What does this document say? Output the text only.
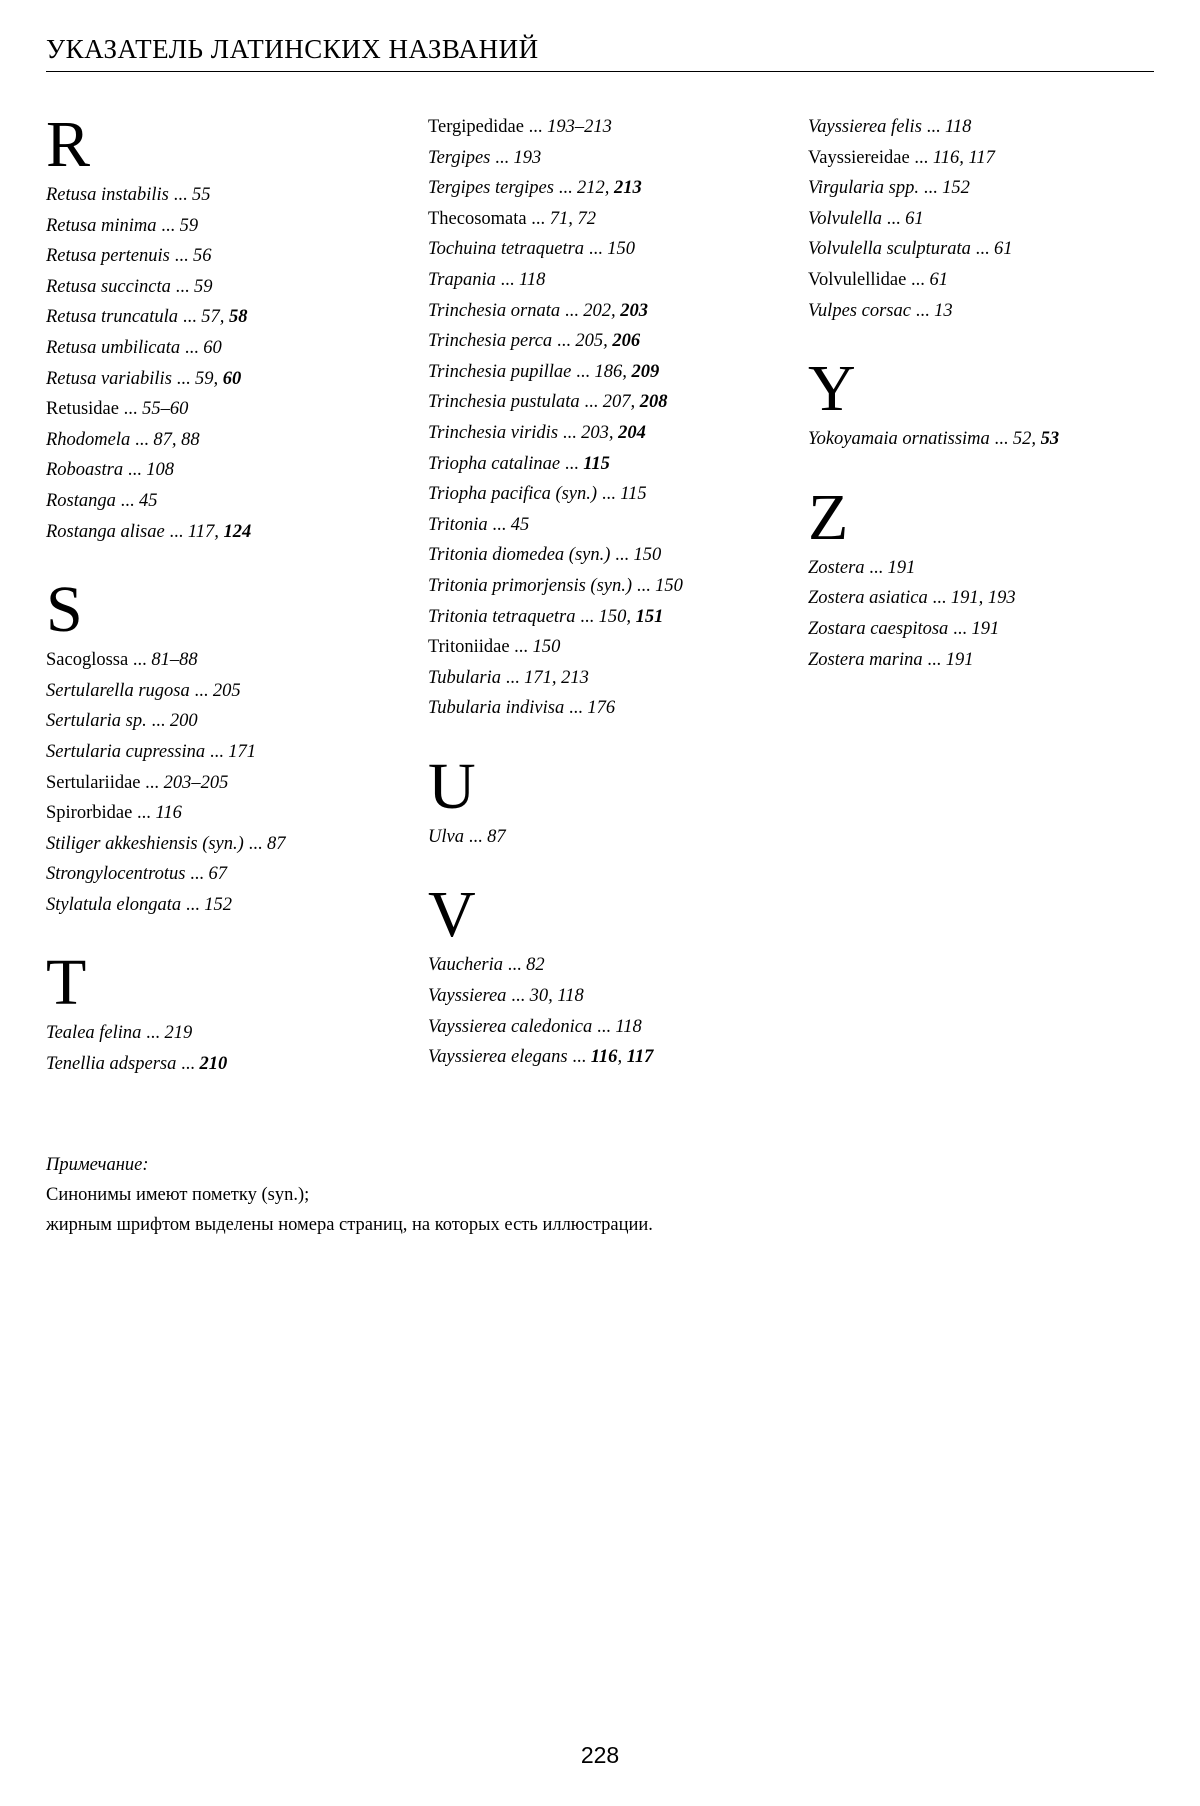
УКАЗАТЕЛЬ ЛАТИНСКИХ НАЗВАНИЙ
R
Retusa instabilis ... 55
Retusa minima ... 59
Retusa pertenuis ... 56
Retusa succincta ... 59
Retusa truncatula ... 57, 58
Retusa umbilicata ... 60
Retusa variabilis ... 59, 60
Retusidae ... 55–60
Rhodomela ... 87, 88
Roboastra ... 108
Rostanga ... 45
Rostanga alisae ... 117, 124
S
Sacoglossa ... 81–88
Sertularella rugosa ... 205
Sertularia sp. ... 200
Sertularia cupressina ... 171
Sertulariidae ... 203–205
Spirorbidae ... 116
Stiliger akkeshiensis (syn.) ... 87
Strongylocentrotus ... 67
Stylatula elongata ... 152
T
Tealea felina ... 219
Tenellia adspersa ... 210
Tergipedidae ... 193–213
Tergipes ... 193
Tergipes tergipes ... 212, 213
Thecosomata ... 71, 72
Tochuina tetraquetra ... 150
Trapania ... 118
Trinchesia ornata ... 202, 203
Trinchesia perca ... 205, 206
Trinchesia pupillae ... 186, 209
Trinchesia pustulata ... 207, 208
Trinchesia viridis ... 203, 204
Triopha catalinae ... 115
Triopha pacifica (syn.) ... 115
Tritonia ... 45
Tritonia diomedea (syn.) ... 150
Tritonia primorjensis (syn.) ... 150
Tritonia tetraquetra ... 150, 151
Tritoniidae ... 150
Tubularia ... 171, 213
Tubularia indivisa ... 176
U
Ulva ... 87
V
Vaucheria ... 82
Vayssierea ... 30, 118
Vayssierea caledonica ... 118
Vayssierea elegans ... 116, 117
Vayssierea felis ... 118
Vayssiereidae ... 116, 117
Virgularia spp. ... 152
Volvulella ... 61
Volvulella sculpturata ... 61
Volvulellidae ... 61
Vulpes corsac ... 13
Y
Yokoyamaia ornatissima ... 52, 53
Z
Zostera ... 191
Zostera asiatica ... 191, 193
Zostara caespitosa ... 191
Zostera marina ... 191
Примечание:
Синонимы имеют пометку (syn.);
жирным шрифтом выделены номера страниц, на которых есть иллюстрации.
228
